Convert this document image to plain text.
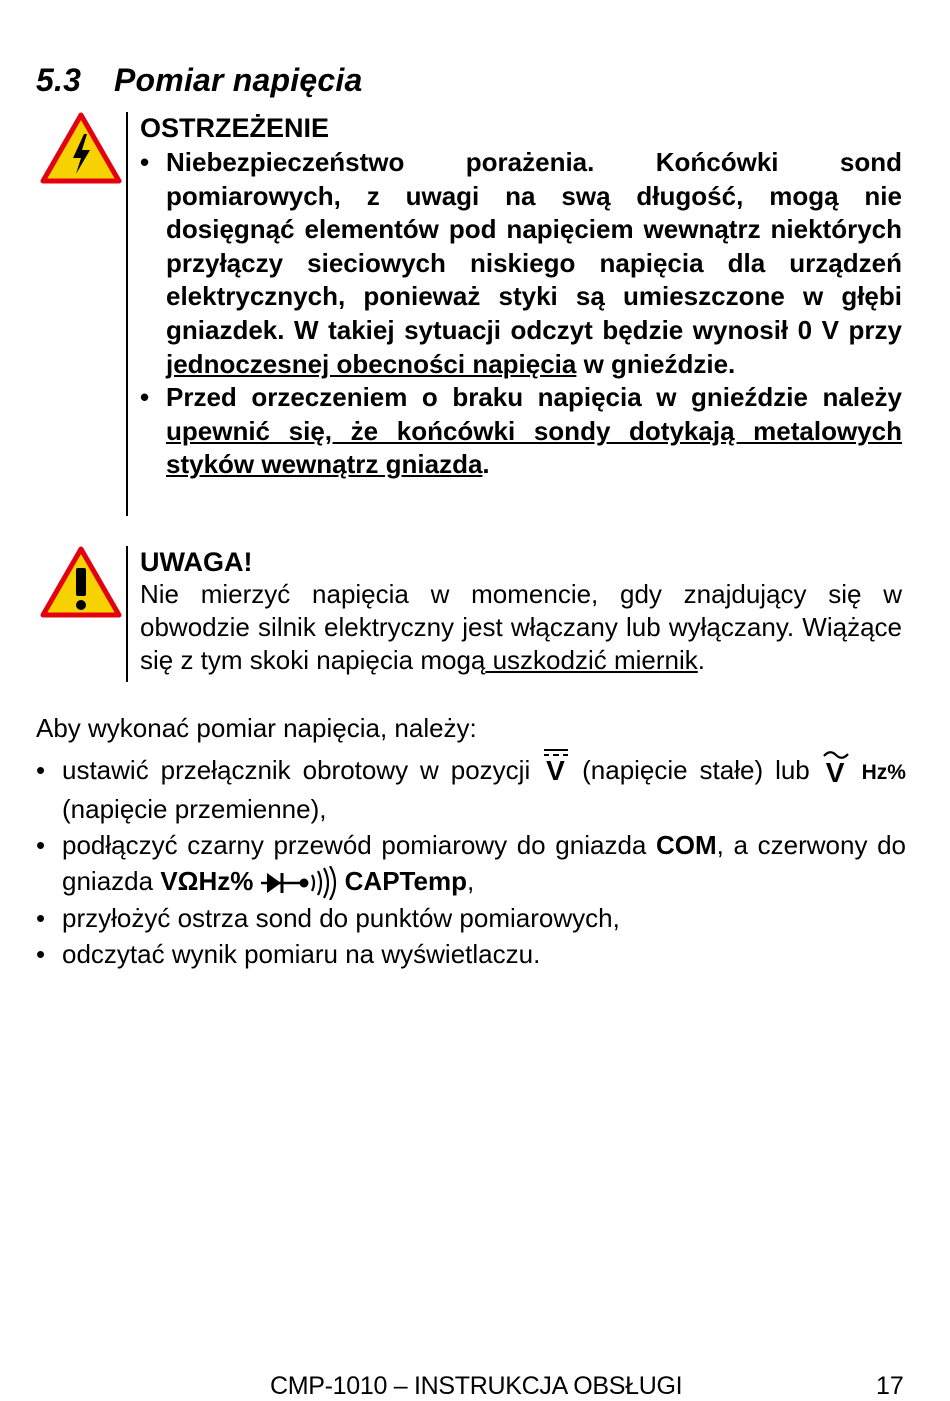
5.3 Pomiar napięcia

OSTRZEŻENIE

• Niebezpieczeństwo porażenia. Końcówki sond pomiarowych, z uwagi na swą długość, mogą nie dosięgnąć elementów pod napięciem wewnątrz niektórych przyłączy sieciowych niskiego napięcia dla urządzeń elektrycznych, ponieważ styki są umieszczone w głębi gniazdek. W takiej sytuacji odczyt będzie wynosił 0 V przy jednoczesnej obecności napięcia w gnieździe.
• Przed orzeczeniem o braku napięcia w gnieździe należy upewnić się, że końcówki sondy dotykają metalowych styków wewnątrz gniazda.

UWAGA!

Nie mierzyć napięcia w momencie, gdy znajdujący się w obwodzie silnik elektryczny jest włączany lub wyłączany. Wiążące się z tym skoki napięcia mogą uszkodzić miernik.

Aby wykonać pomiar napięcia, należy:

• ustawić przełącznik obrotowy w pozycji V (napięcie stałe) lub V Hz% (napięcie przemienne),
• podłączyć czarny przewód pomiarowy do gniazda COM, a czerwony do gniazda VΩHz%	CAPTemp,
• przyłożyć ostrza sond do punktów pomiarowych,
• odczytać wynik pomiaru na wyświetlaczu.
CMP-1010 – INSTRUKCJA OBSŁUGI	17
